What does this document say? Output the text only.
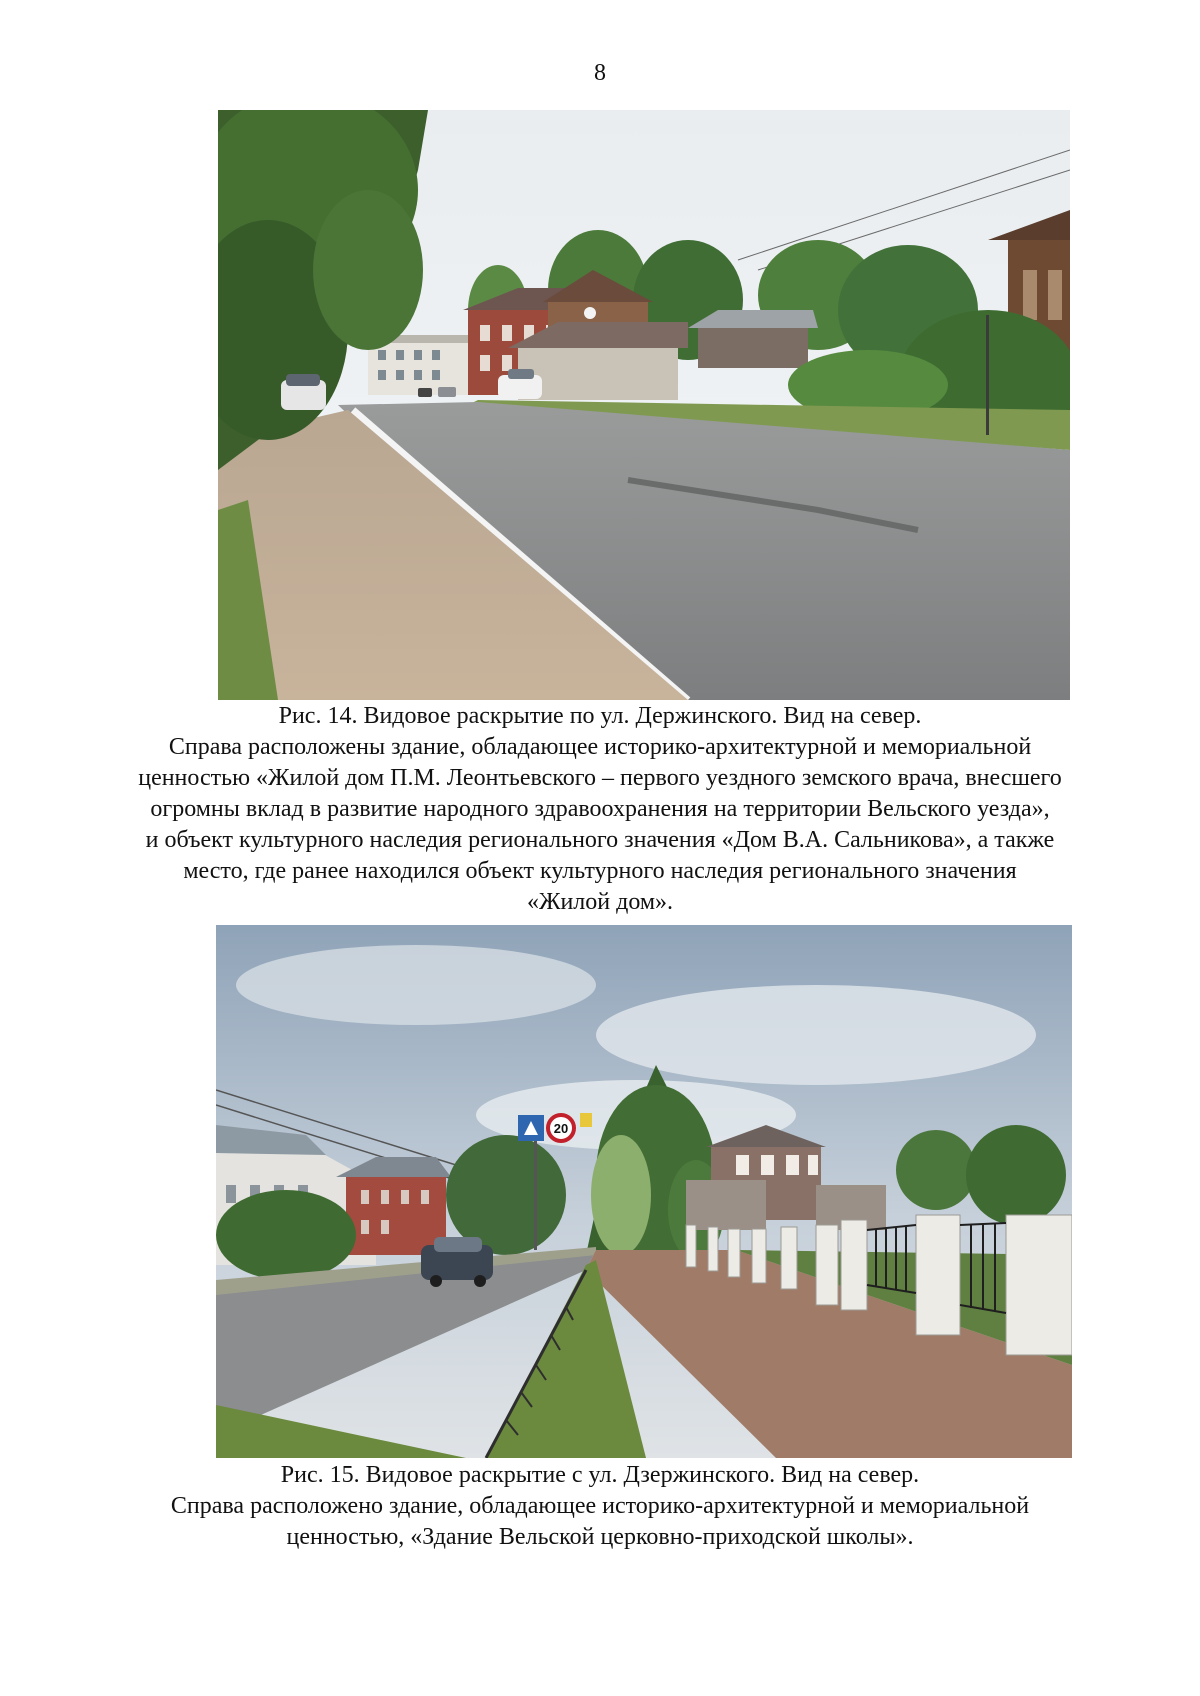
8

Рис. 14. Видовое раскрытие по ул. Держинского. Вид на север.

Справа расположены здание, обладающее историко-архитектурной и мемориальной

ценностью «Жилой дом П.М. Леонтьевского – первого уездного земского врача, внесшего

огромны вклад в развитие народного здравоохранения на территории Вельского уезда»,

и объект культурного наследия регионального значения «Дом В.А. Сальникова», а также

место, где ранее находился объект культурного наследия регионального значения

«Жилой дом».

20

Рис. 15. Видовое раскрытие с ул. Дзержинского. Вид на север.

Справа расположено здание, обладающее историко-архитектурной и мемориальной

ценностью, «Здание Вельской церковно-приходской школы».
